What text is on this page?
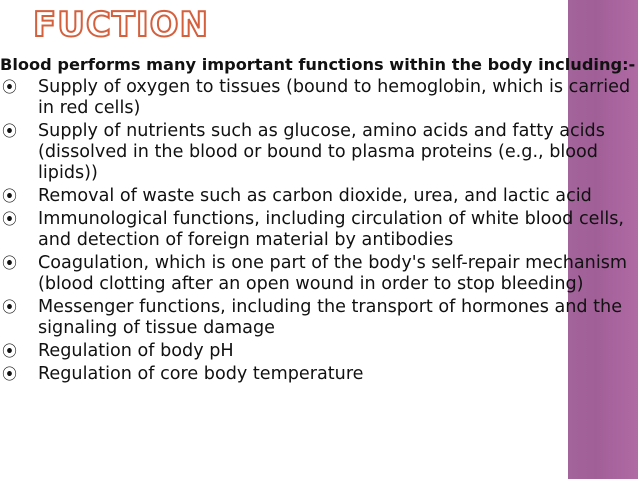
FUCTION

Blood performs many important functions within the body including:-

⦿ Supply of oxygen to tissues (bound to hemoglobin, which is carried in red cells)
⦿ Supply of nutrients such as glucose, amino acids and fatty acids (dissolved in the blood or bound to plasma proteins (e.g., blood lipids))
⦿ Removal of waste such as carbon dioxide, urea, and lactic acid
⦿ Immunological functions, including circulation of white blood cells, and detection of foreign material by antibodies
⦿ Coagulation, which is one part of the body's self-repair mechanism (blood clotting after an open wound in order to stop bleeding)
⦿ Messenger functions, including the transport of hormones and the signaling of tissue damage
⦿ Regulation of body pH
⦿ Regulation of core body temperature
